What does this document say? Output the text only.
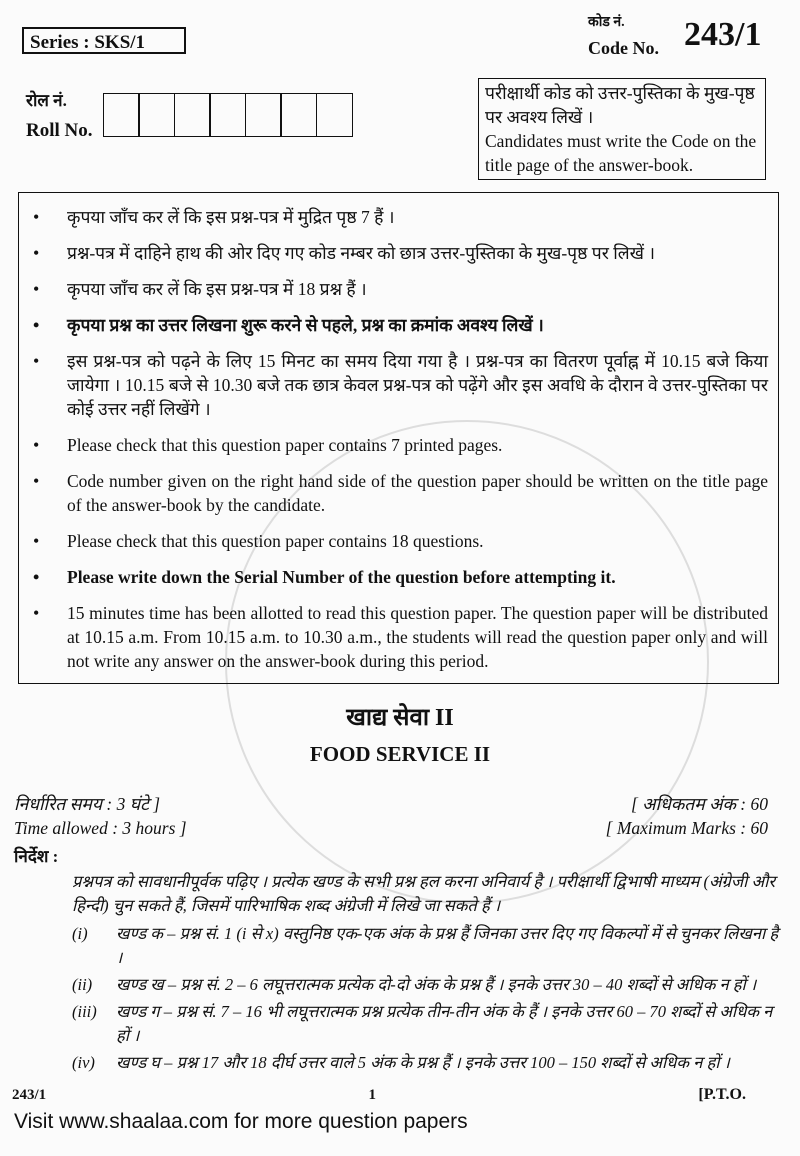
Series : SKS/1
रोल नं.
Roll No.
कोड नं.
Code No. 243/1
परीक्षार्थी कोड को उत्तर-पुस्तिका के मुख-पृष्ठ पर अवश्य लिखें ।
Candidates must write the Code on the title page of the answer-book.
• कृपया जाँच कर लें कि इस प्रश्न-पत्र में मुद्रित पृष्ठ 7 हैं ।
• प्रश्न-पत्र में दाहिने हाथ की ओर दिए गए कोड नम्बर को छात्र उत्तर-पुस्तिका के मुख-पृष्ठ पर लिखें ।
• कृपया जाँच कर लें कि इस प्रश्न-पत्र में 18 प्रश्न हैं ।
• कृपया प्रश्न का उत्तर लिखना शुरू करने से पहले, प्रश्न का क्रमांक अवश्य लिखें ।
• इस प्रश्न-पत्र को पढ़ने के लिए 15 मिनट का समय दिया गया है । प्रश्न-पत्र का वितरण पूर्वाह्न में 10.15 बजे किया जायेगा । 10.15 बजे से 10.30 बजे तक छात्र केवल प्रश्न-पत्र को पढ़ेंगे और इस अवधि के दौरान वे उत्तर-पुस्तिका पर कोई उत्तर नहीं लिखेंगे ।
• Please check that this question paper contains 7 printed pages.
• Code number given on the right hand side of the question paper should be written on the title page of the answer-book by the candidate.
• Please check that this question paper contains 18 questions.
• Please write down the Serial Number of the question before attempting it.
• 15 minutes time has been allotted to read this question paper. The question paper will be distributed at 10.15 a.m. From 10.15 a.m. to 10.30 a.m., the students will read the question paper only and will not write any answer on the answer-book during this period.
खाद्य सेवा II
FOOD SERVICE II
निर्धारित समय : 3 घंटे ]	[ अधिकतम अंक : 60
Time allowed : 3 hours ]	[ Maximum Marks : 60
निर्देश :
प्रश्नपत्र को सावधानीपूर्वक पढ़िए । प्रत्येक खण्ड के सभी प्रश्न हल करना अनिवार्य है । परीक्षार्थी द्विभाषी माध्यम (अंग्रेजी और हिन्दी) चुन सकते हैं, जिसमें पारिभाषिक शब्द अंग्रेजी में लिखे जा सकते हैं ।
(i)	खण्ड क – प्रश्न सं. 1 (i से x) वस्तुनिष्ठ एक-एक अंक के प्रश्न हैं जिनका उत्तर दिए गए विकल्पों में से चुनकर लिखना है ।
(ii)	खण्ड ख – प्रश्न सं. 2 – 6 लघूत्तरात्मक प्रत्येक दो-दो अंक के प्रश्न हैं । इनके उत्तर 30 – 40 शब्दों से अधिक न हों ।
(iii)	खण्ड ग – प्रश्न सं. 7 – 16 भी लघूत्तरात्मक प्रश्न प्रत्येक तीन-तीन अंक के हैं । इनके उत्तर 60 – 70 शब्दों से अधिक न हों ।
(iv)	खण्ड घ – प्रश्न 17 और 18 दीर्घ उत्तर वाले 5 अंक के प्रश्न हैं । इनके उत्तर 100 – 150 शब्दों से अधिक न हों ।
243/1	1	[P.T.O.
Visit www.shaalaa.com for more question papers
